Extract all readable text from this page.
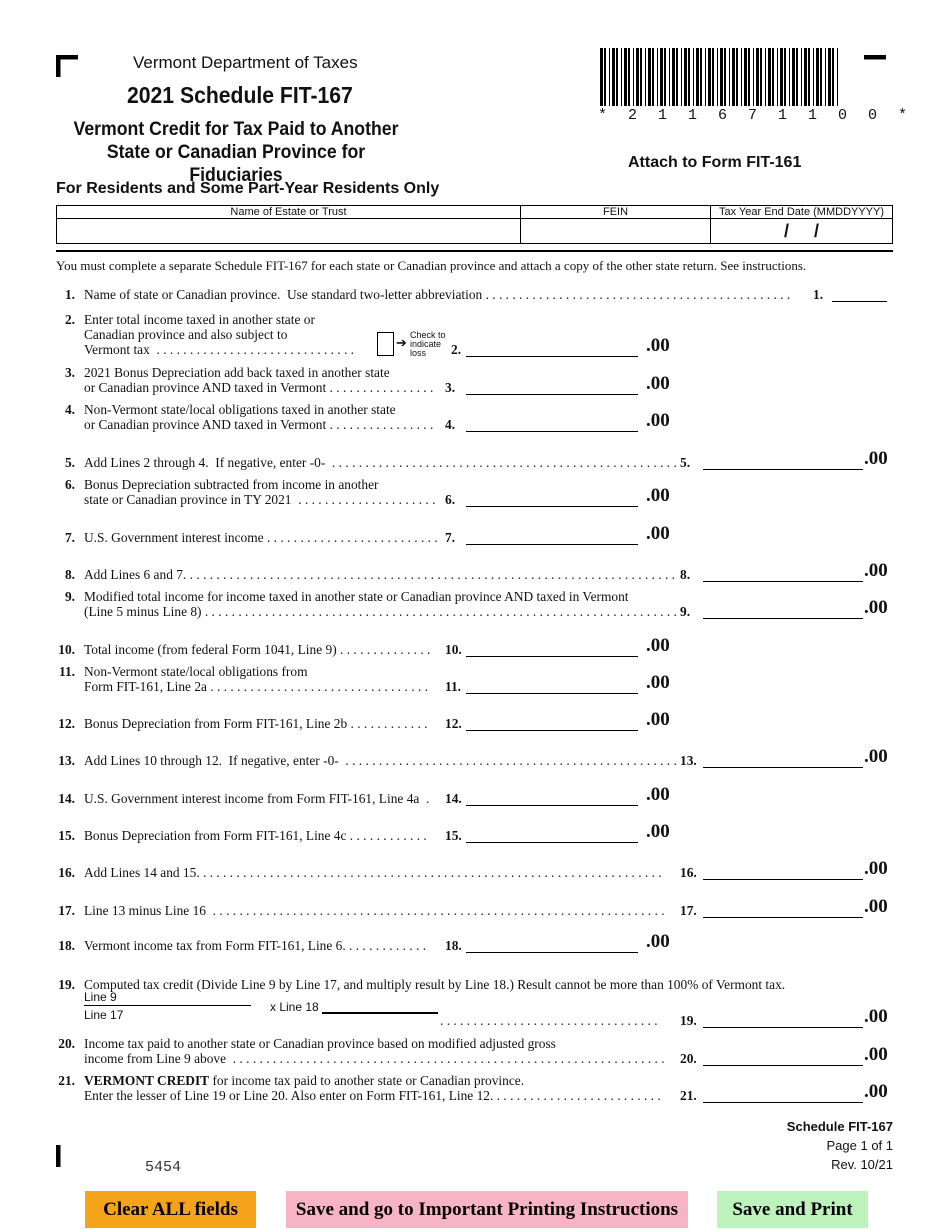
Vermont Department of Taxes
2021 Schedule FIT-167
Vermont Credit for Tax Paid to Another
State or Canadian Province for Fiduciaries
* 2 1 1 6 7 1 1 0 0 *
Attach to Form FIT-161
For Residents and Some Part-Year Residents Only
Name of Estate or Trust	FEIN	Tax Year End Date (MMDDYYYY)
		/     /
You must complete a separate Schedule FIT-167 for each state or Canadian province and attach a copy of the other state return. See instructions.
1. Name of state or Canadian province.  Use standard two-letter abbreviation . . . . . . . . . . . . . . . . . . . . . . . . . . . . . . . . . . . . . . . . . . . . . . 1.
2. Enter total income taxed in another state or
Canadian province and also subject to
Vermont tax  . . . . . . . . . . . . . . . . . . . . . . . . . . . . . .	2.	.00
3. 2021 Bonus Depreciation add back taxed in another state
or Canadian province AND taxed in Vermont . . . . . . . . . . . . . . . . 3.	.00
4. Non-Vermont state/local obligations taxed in another state
or Canadian province AND taxed in Vermont . . . . . . . . . . . . . . . . 4.	.00
5. Add Lines 2 through 4.  If negative, enter -0-  . . . . . . . . . . . . . . . . . . . . . . . . . . . . . . . . . . . . . . . . . . . . . . . . . . . . 5.	.00
6. Bonus Depreciation subtracted from income in another
state or Canadian province in TY 2021  . . . . . . . . . . . . . . . . . . . . . 6.	.00
7. U.S. Government interest income . . . . . . . . . . . . . . . . . . . . . . . . . . 7.	.00
8. Add Lines 6 and 7. . . . . . . . . . . . . . . . . . . . . . . . . . . . . . . . . . . . . . . . . . . . . . . . . . . . . . . . . . . . . . . . . . . . . . . . . . 8.	.00
9. Modified total income for income taxed in another state or Canadian province AND taxed in Vermont
(Line 5 minus Line 8) . . . . . . . . . . . . . . . . . . . . . . . . . . . . . . . . . . . . . . . . . . . . . . . . . . . . . . . . . . . . . . . . . . . . . . . 9.	.00
10. Total income (from federal Form 1041, Line 9) . . . . . . . . . . . . . . 10.	.00
11. Non-Vermont state/local obligations from
Form FIT-161, Line 2a . . . . . . . . . . . . . . . . . . . . . . . . . . . . . . . . . 11.	.00
12. Bonus Depreciation from Form FIT-161, Line 2b . . . . . . . . . . . . 12.	.00
13. Add Lines 10 through 12.  If negative, enter -0-  . . . . . . . . . . . . . . . . . . . . . . . . . . . . . . . . . . . . . . . . . . . . . . . . . . 13.	.00
14. U.S. Government interest income from Form FIT-161, Line 4a  . 14.	.00
15. Bonus Depreciation from Form FIT-161, Line 4c . . . . . . . . . . . . 15.	.00
16. Add Lines 14 and 15. . . . . . . . . . . . . . . . . . . . . . . . . . . . . . . . . . . . . . . . . . . . . . . . . . . . . . . . . . . . . . . . . . . . . . 16.	.00
17. Line 13 minus Line 16  . . . . . . . . . . . . . . . . . . . . . . . . . . . . . . . . . . . . . . . . . . . . . . . . . . . . . . . . . . . . . . . . . . . . 17.	.00
18. Vermont income tax from Form FIT-161, Line 6. . . . . . . . . . . . . 18.	.00
19. Computed tax credit (Divide Line 9 by Line 17, and multiply result by Line 18.) Result cannot be more than 100% of Vermont tax.
. . . . . . . . . . . . . . . . . . . . . . . . . . . . . . . . . 19.	.00
Line 9
Line 17
x Line 18
20. Income tax paid to another state or Canadian province based on modified adjusted gross
income from Line 9 above  . . . . . . . . . . . . . . . . . . . . . . . . . . . . . . . . . . . . . . . . . . . . . . . . . . . . . . . . . . . . . . . . . 20.	.00
21. VERMONT CREDIT for income tax paid to another state or Canadian province.
Enter the lesser of Line 19 or Line 20. Also enter on Form FIT-161, Line 12. . . . . . . . . . . . . . . . . . . . . . . . . . 21.	.00
➔ Check to indicate loss
Schedule FIT-167
Page 1 of 1
Rev. 10/21
5454
Clear ALL fields	Save and go to Important Printing Instructions	Save and Print
